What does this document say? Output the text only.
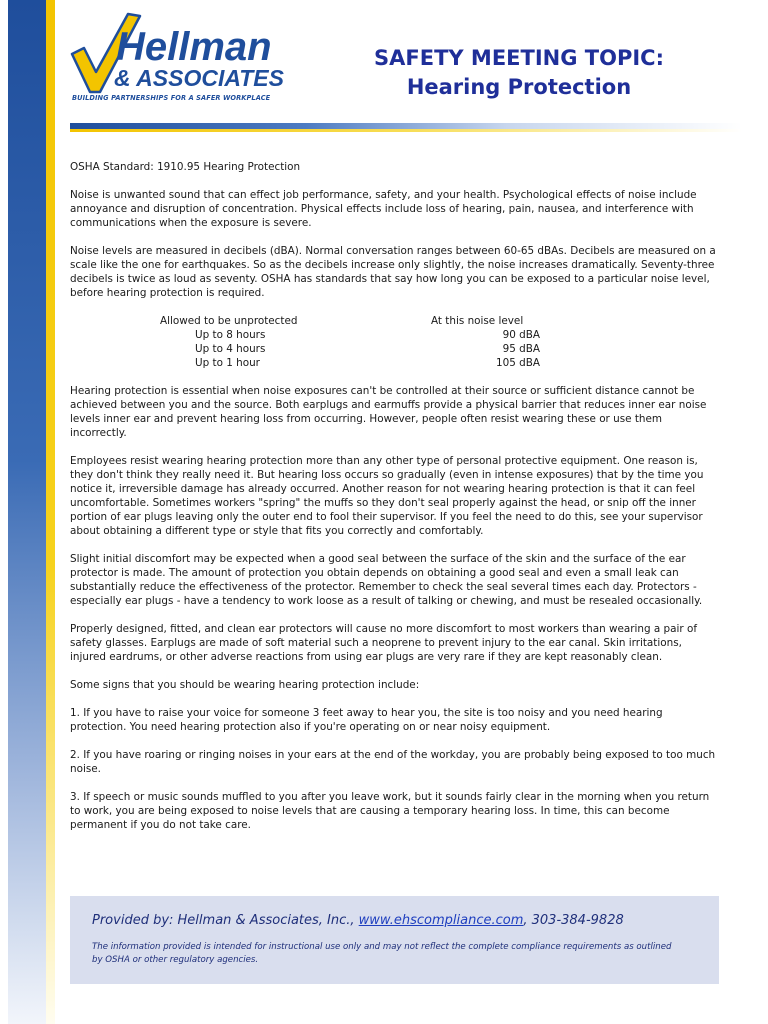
Hellman
& ASSOCIATES
BUILDING PARTNERSHIPS FOR A SAFER WORKPLACE
SAFETY MEETING TOPIC:
Hearing Protection

OSHA Standard: 1910.95 Hearing Protection

Noise is unwanted sound that can effect job performance, safety, and your health. Psychological effects of noise include annoyance and disruption of concentration. Physical effects include loss of hearing, pain, nausea, and interference with communications when the exposure is severe.

Noise levels are measured in decibels (dBA). Normal conversation ranges between 60-65 dBAs. Decibels are measured on a scale like the one for earthquakes. So as the decibels increase only slightly, the noise increases dramatically. Seventy-three decibels is twice as loud as seventy. OSHA has standards that say how long you can be exposed to a particular noise level, before hearing protection is required.

Allowed to be unprotected	At this noise level
Up to 8 hours	90 dBA
Up to 4 hours	95 dBA
Up to 1 hour	105 dBA

Hearing protection is essential when noise exposures can't be controlled at their source or sufficient distance cannot be achieved between you and the source. Both earplugs and earmuffs provide a physical barrier that reduces inner ear noise levels inner ear and prevent hearing loss from occurring. However, people often resist wearing these or use them incorrectly.

Employees resist wearing hearing protection more than any other type of personal protective equipment. One reason is, they don't think they really need it. But hearing loss occurs so gradually (even in intense exposures) that by the time you notice it, irreversible damage has already occurred. Another reason for not wearing hearing protection is that it can feel uncomfortable. Sometimes workers "spring" the muffs so they don't seal properly against the head, or snip off the inner portion of ear plugs leaving only the outer end to fool their supervisor. If you feel the need to do this, see your supervisor about obtaining a different type or style that fits you correctly and comfortably.

Slight initial discomfort may be expected when a good seal between the surface of the skin and the surface of the ear protector is made. The amount of protection you obtain depends on obtaining a good seal and even a small leak can substantially reduce the effectiveness of the protector. Remember to check the seal several times each day. Protectors - especially ear plugs - have a tendency to work loose as a result of talking or chewing, and must be resealed occasionally.

Properly designed, fitted, and clean ear protectors will cause no more discomfort to most workers than wearing a pair of safety glasses. Earplugs are made of soft material such a neoprene to prevent injury to the ear canal. Skin irritations, injured eardrums, or other adverse reactions from using ear plugs are very rare if they are kept reasonably clean.

Some signs that you should be wearing hearing protection include:

1. If you have to raise your voice for someone 3 feet away to hear you, the site is too noisy and you need hearing protection. You need hearing protection also if you're operating on or near noisy equipment.

2. If you have roaring or ringing noises in your ears at the end of the workday, you are probably being exposed to too much noise.

3. If speech or music sounds muffled to you after you leave work, but it sounds fairly clear in the morning when you return to work, you are being exposed to noise levels that are causing a temporary hearing loss. In time, this can become permanent if you do not take care.

Provided by: Hellman & Associates, Inc., www.ehscompliance.com, 303-384-9828
The information provided is intended for instructional use only and may not reflect the complete compliance requirements as outlined by OSHA or other regulatory agencies.
